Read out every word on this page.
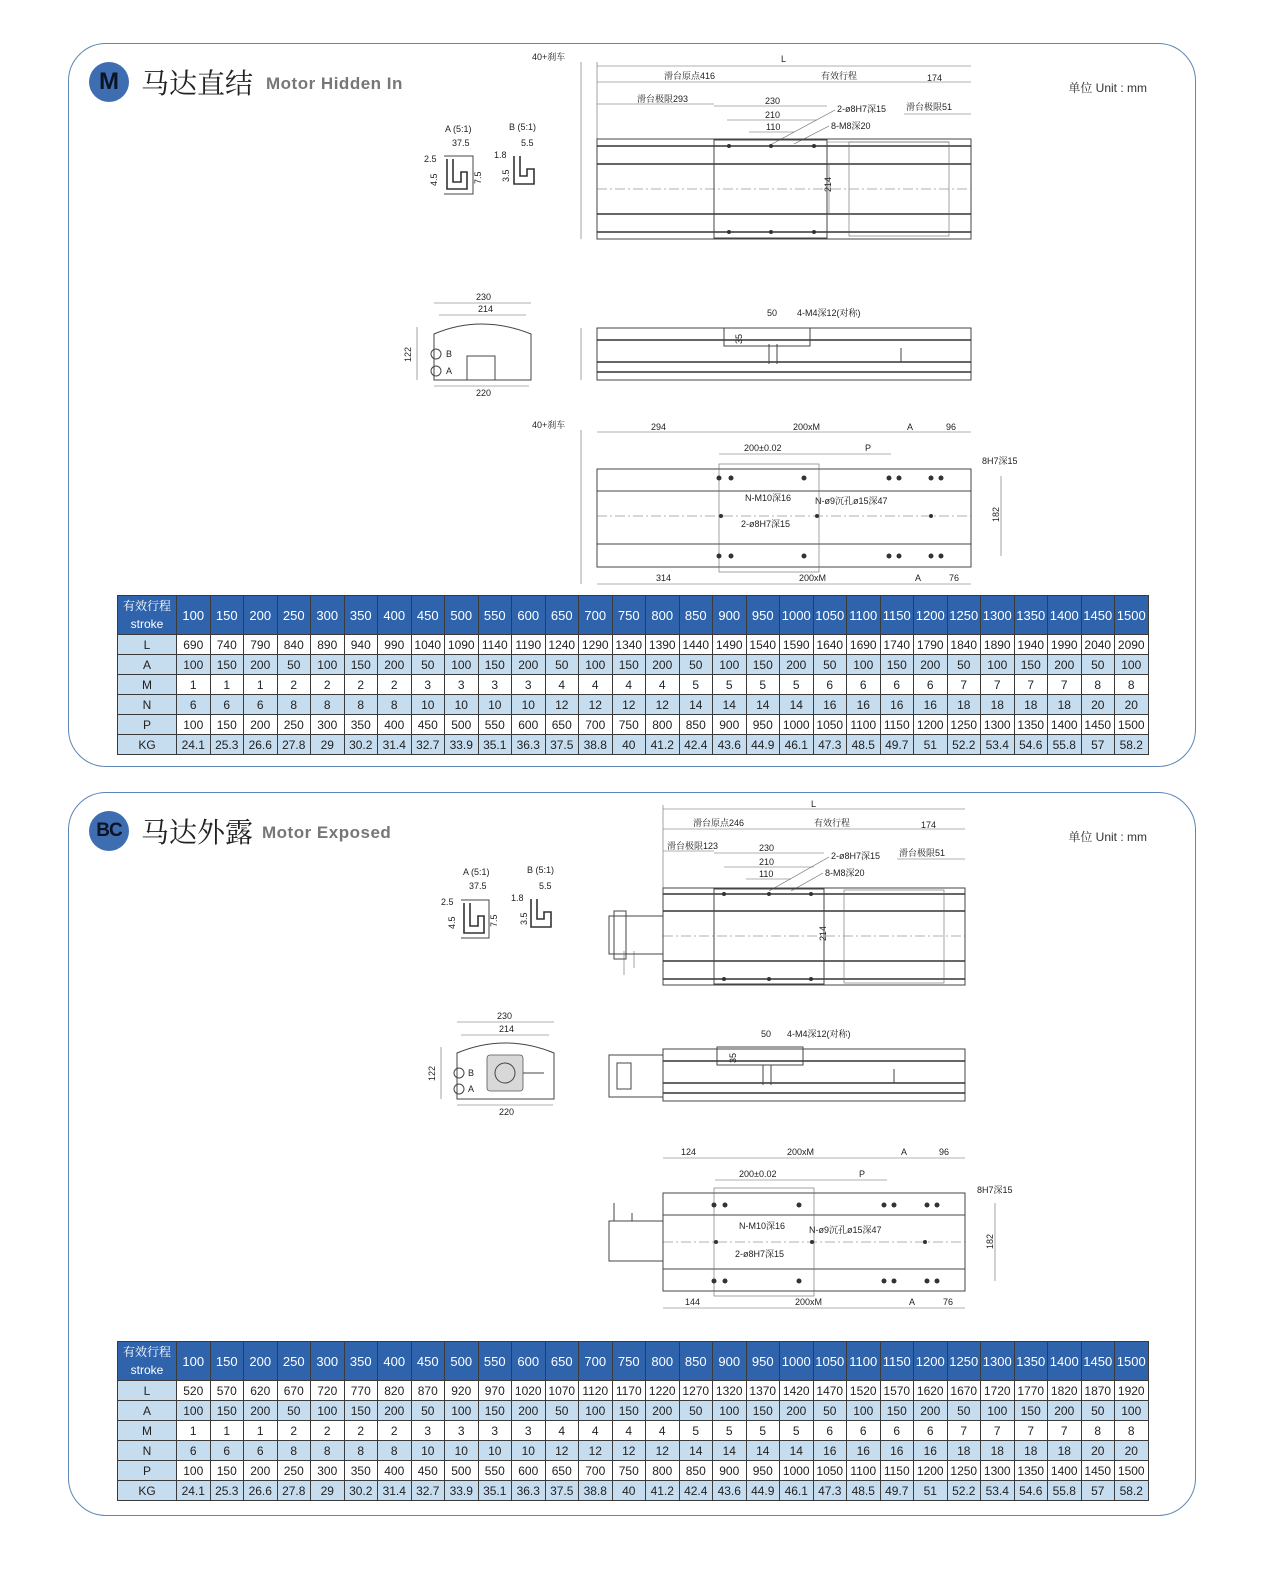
M 马达直结 Motor Hidden In	单位 Unit : mm
40+刹车	L
滑台原点416	有效行程	174
滑台极限293
滑台极限51
230
210
110
2-ø8H7深15
8-M8深20
214
A (5:1)	B (5:1)
37.5
2.5
4.5	7.5
5.5
1.8
3.5
230
214
122	B
A
220
50 4-M4深12(对称)
35
40+刹车	294	200xM	A	96
200±0.02	P
8H7深15
N-M10深16	N-ø9沉孔ø15深47
2-ø8H7深15
182
314	200xM	A	76
有效行程
stroke	100	150	200	250	300	350	400	450	500	550	600	650	700	750	800	850	900	950	1000	1050	1100	1150	1200	1250	1300	1350	1400	1450	1500
L	690	740	790	840	890	940	990	1040	1090	1140	1190	1240	1290	1340	1390	1440	1490	1540	1590	1640	1690	1740	1790	1840	1890	1940	1990	2040	2090
A	100	150	200	50	100	150	200	50	100	150	200	50	100	150	200	50	100	150	200	50	100	150	200	50	100	150	200	50	100
M	1	1	1	2	2	2	2	3	3	3	3	4	4	4	4	5	5	5	5	6	6	6	6	7	7	7	7	8	8
N	6	6	6	8	8	8	8	10	10	10	10	12	12	12	12	14	14	14	14	16	16	16	16	18	18	18	18	20	20
P	100	150	200	250	300	350	400	450	500	550	600	650	700	750	800	850	900	950	1000	1050	1100	1150	1200	1250	1300	1350	1400	1450	1500
KG	24.1	25.3	26.6	27.8	29	30.2	31.4	32.7	33.9	35.1	36.3	37.5	38.8	40	41.2	42.4	43.6	44.9	46.1	47.3	48.5	49.7	51	52.2	53.4	54.6	55.8	57	58.2
BC 马达外露 Motor Exposed	单位 Unit : mm
L
滑台原点246	有效行程	174
滑台极限123
滑台极限51
230
210
110
2-ø8H7深15
8-M8深20
214
A (5:1)	B (5:1)
37.5
2.5
4.5	7.5
5.5
1.8
3.5
230
214
122	B
A
220
50 4-M4深12(对称)
35
124	200xM	A	96
200±0.02	P
8H7深15
N-M10深16	N-ø9沉孔ø15深47
2-ø8H7深15
182
144	200xM	A	76
有效行程
stroke	100	150	200	250	300	350	400	450	500	550	600	650	700	750	800	850	900	950	1000	1050	1100	1150	1200	1250	1300	1350	1400	1450	1500
L	520	570	620	670	720	770	820	870	920	970	1020	1070	1120	1170	1220	1270	1320	1370	1420	1470	1520	1570	1620	1670	1720	1770	1820	1870	1920
A	100	150	200	50	100	150	200	50	100	150	200	50	100	150	200	50	100	150	200	50	100	150	200	50	100	150	200	50	100
M	1	1	1	2	2	2	2	3	3	3	3	4	4	4	4	5	5	5	5	6	6	6	6	7	7	7	7	8	8
N	6	6	6	8	8	8	8	10	10	10	10	12	12	12	12	14	14	14	14	16	16	16	16	18	18	18	18	20	20
P	100	150	200	250	300	350	400	450	500	550	600	650	700	750	800	850	900	950	1000	1050	1100	1150	1200	1250	1300	1350	1400	1450	1500
KG	24.1	25.3	26.6	27.8	29	30.2	31.4	32.7	33.9	35.1	36.3	37.5	38.8	40	41.2	42.4	43.6	44.9	46.1	47.3	48.5	49.7	51	52.2	53.4	54.6	55.8	57	58.2
